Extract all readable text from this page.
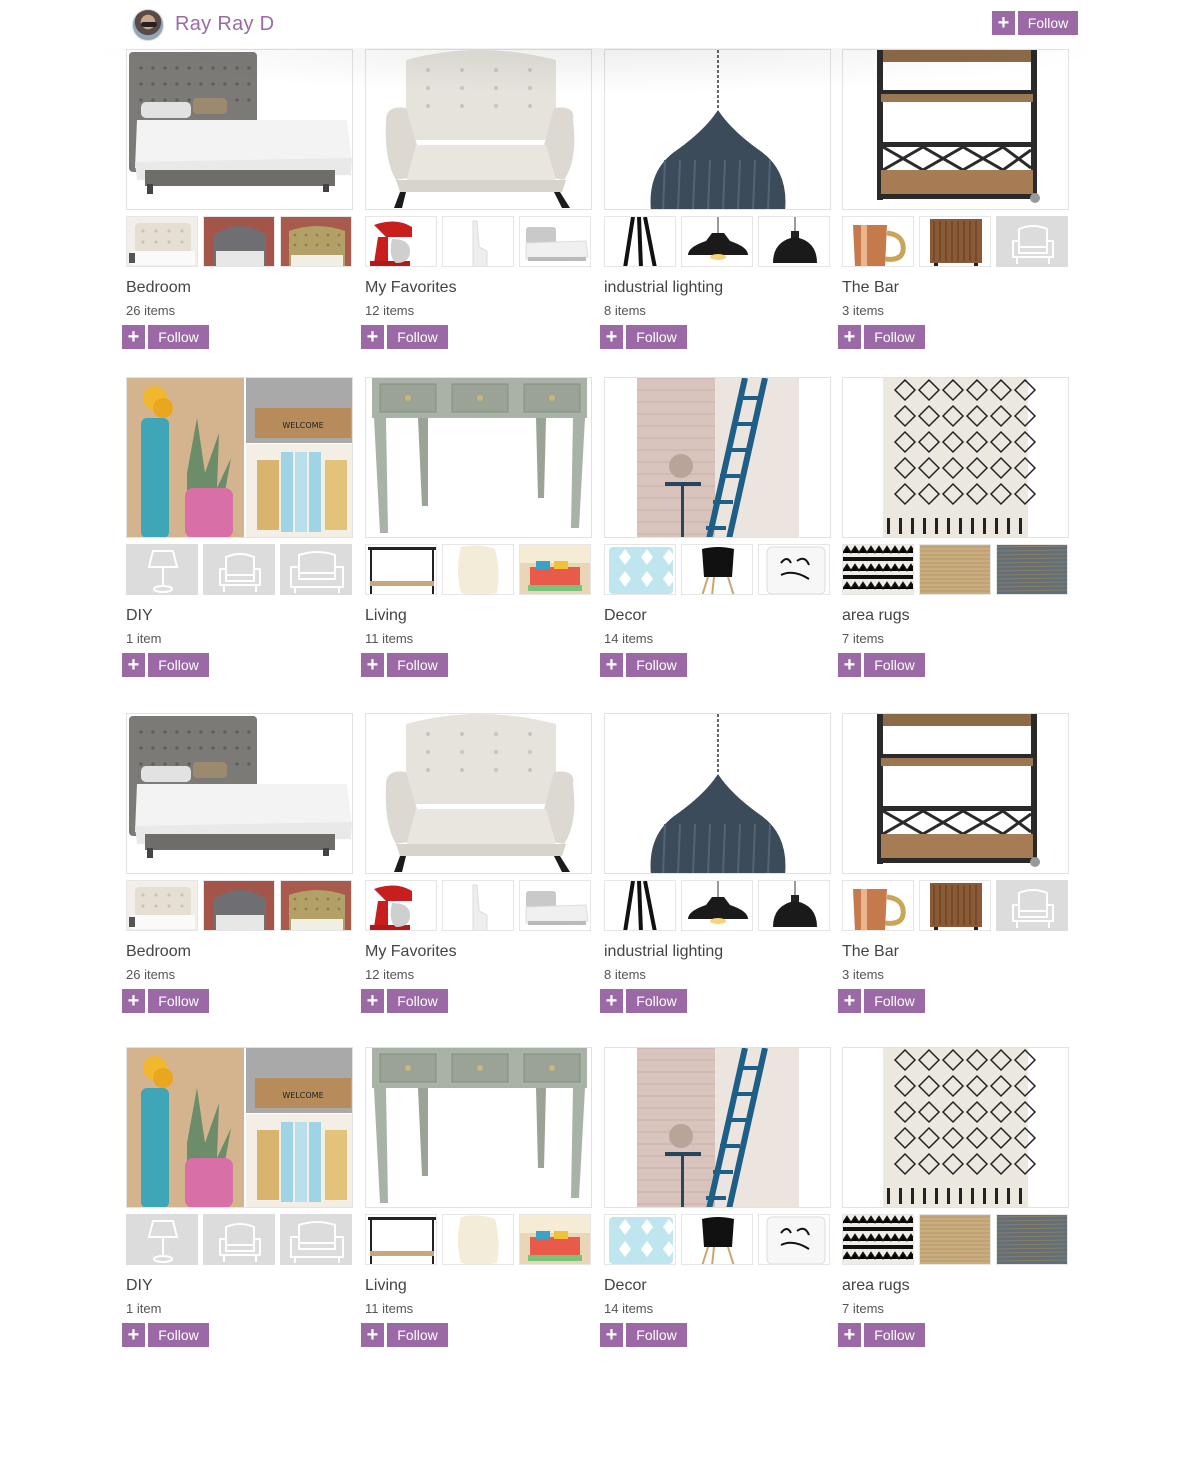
Ray Ray D	+	Follow
Bedroom
26 items
+	Follow
My Favorites
12 items
+	Follow
industrial lighting
8 items
+	Follow
The Bar
3 items
+	Follow
WELCOME
DIY
1 item
+	Follow
Living
11 items
+	Follow
Decor
14 items
+	Follow
area rugs
7 items
+	Follow
Bedroom
26 items
+	Follow
My Favorites
12 items
+	Follow
industrial lighting
8 items
+	Follow
The Bar
3 items
+	Follow
WELCOME
DIY
1 item
+	Follow
Living
11 items
+	Follow
Decor
14 items
+	Follow
area rugs
7 items
+	Follow
